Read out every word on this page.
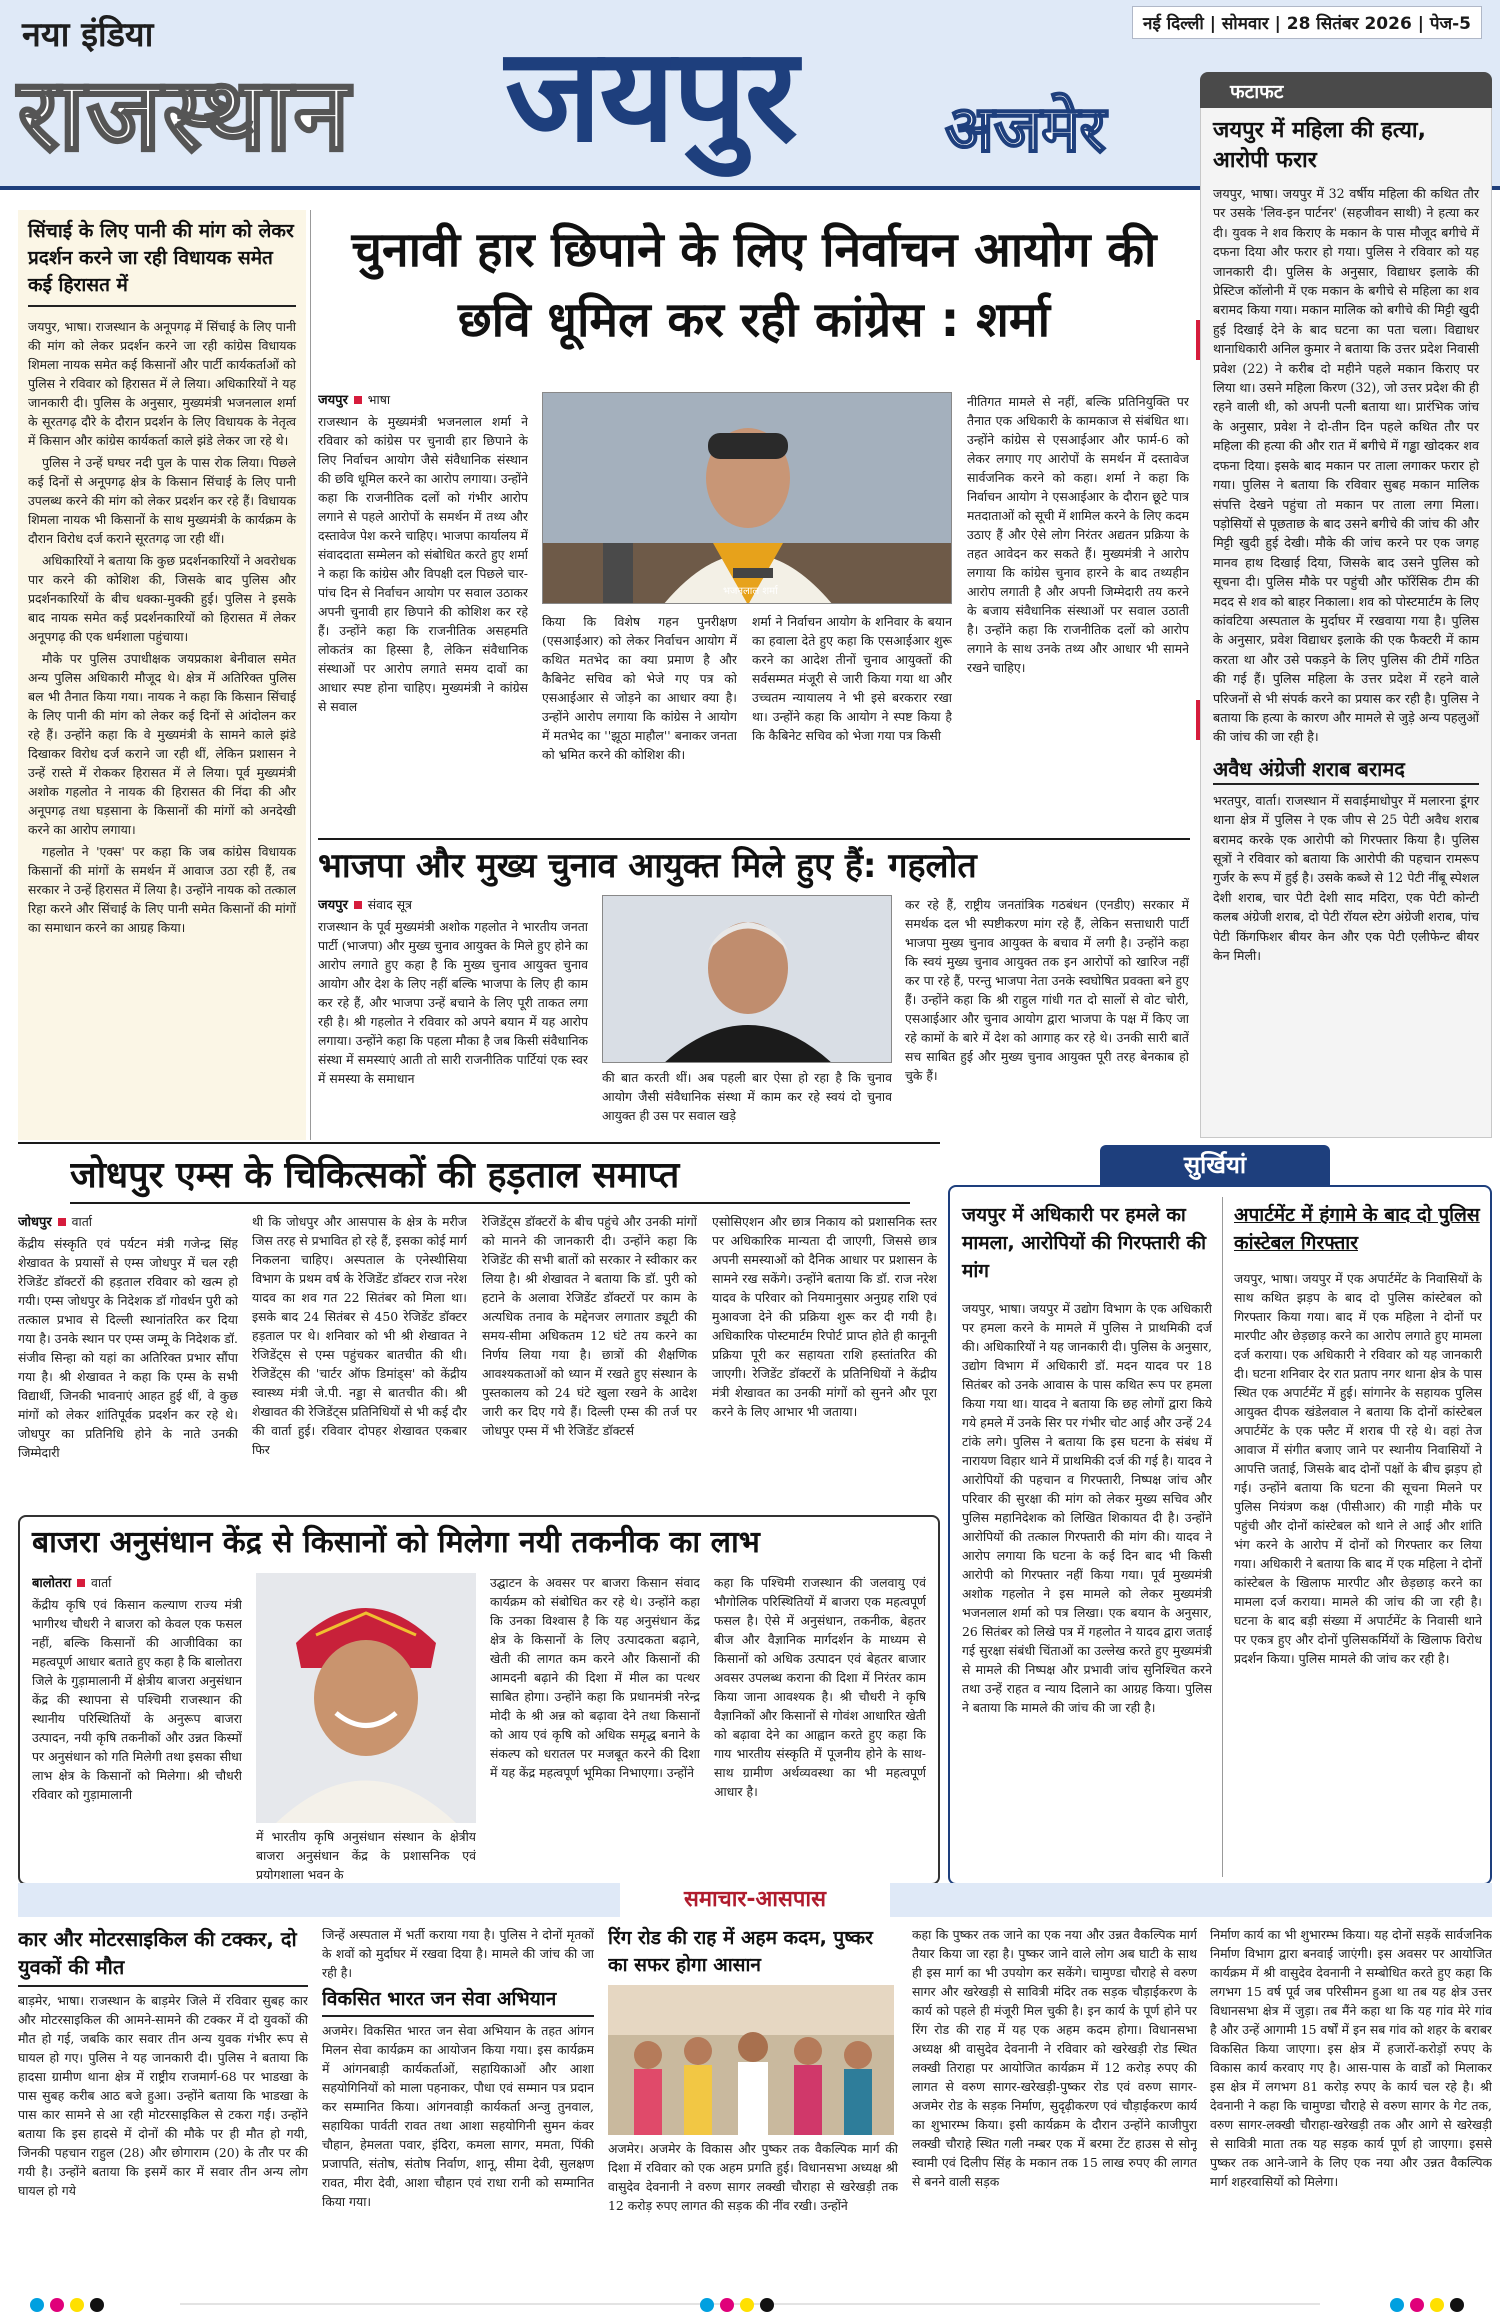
नया इंडिया
राजस्थान जयपुर अजमेर
नई दिल्ली | सोमवार | 28 सितंबर 2026 | पेज-5
फटाफट
जयपुर में महिला की हत्या, आरोपी फरार
जयपुर, भाषा। जयपुर में 32 वर्षीय महिला की कथित तौर पर उसके 'लिव-इन पार्टनर' (सहजीवन साथी) ने हत्या कर दी। युवक ने शव किराए के मकान के पास मौजूद बगीचे में दफना दिया और फरार हो गया। पुलिस ने रविवार को यह जानकारी दी। पुलिस के अनुसार, विद्याधर इलाके की प्रेस्टिज कॉलोनी में एक मकान के बगीचे से महिला का शव बरामद किया गया। मकान मालिक को बगीचे की मिट्टी खुदी हुई दिखाई देने के बाद घटना का पता चला। विद्याधर थानाधिकारी अनिल कुमार ने बताया कि उत्तर प्रदेश निवासी प्रवेश (22) ने करीब दो महीने पहले मकान किराए पर लिया था। उसने महिला किरण (32), जो उत्तर प्रदेश की ही रहने वाली थी, को अपनी पत्नी बताया था। प्रारंभिक जांच के अनुसार, प्रवेश ने दो-तीन दिन पहले कथित तौर पर महिला की हत्या की और रात में बगीचे में गड्ढा खोदकर शव दफना दिया। इसके बाद मकान पर ताला लगाकर फरार हो गया। पुलिस ने बताया कि रविवार सुबह मकान मालिक संपत्ति देखने पहुंचा तो मकान पर ताला लगा मिला। पड़ोसियों से पूछताछ के बाद उसने बगीचे की जांच की और मिट्टी खुदी हुई देखी। मौके की जांच करने पर एक जगह मानव हाथ दिखाई दिया, जिसके बाद उसने पुलिस को सूचना दी। पुलिस मौके पर पहुंची और फॉरेंसिक टीम की मदद से शव को बाहर निकाला। शव को पोस्टमार्टम के लिए कांवटिया अस्पताल के मुर्दाघर में रखवाया गया है। पुलिस के अनुसार, प्रवेश विद्याधर इलाके की एक फैक्टरी में काम करता था और उसे पकड़ने के लिए पुलिस की टीमें गठित की गई हैं। पुलिस महिला के उत्तर प्रदेश में रहने वाले परिजनों से भी संपर्क करने का प्रयास कर रही है। पुलिस ने बताया कि हत्या के कारण और मामले से जुड़े अन्य पहलुओं की जांच की जा रही है।
अवैध अंग्रेजी शराब बरामद
भरतपुर, वार्ता। राजस्थान में सवाईमाधोपुर में मलारना डूंगर थाना क्षेत्र में पुलिस ने एक जीप से 25 पेटी अवैध शराब बरामद करके एक आरोपी को गिरफ्तार किया है। पुलिस सूत्रों ने रविवार को बताया कि आरोपी की पहचान रामरूप गुर्जर के रूप में हुई है। उसके कब्जे से 12 पेटी नींबू स्पेशल देशी शराब, चार पेटी देशी साद मदिरा, एक पेटी कोन्टी कलब अंग्रेजी शराब, दो पेटी रॉयल स्टेग अंग्रेजी शराब, पांच पेटी किंगफिशर बीयर केन और एक पेटी एलीफेन्ट बीयर केन मिली।
सिंचाई के लिए पानी की मांग को लेकर प्रदर्शन करने जा रही विधायक समेत कई हिरासत में

जयपुर, भाषा। राजस्थान के अनूपगढ़ में सिंचाई के लिए पानी की मांग को लेकर प्रदर्शन करने जा रही कांग्रेस विधायक शिमला नायक समेत कई किसानों और पार्टी कार्यकर्ताओं को पुलिस ने रविवार को हिरासत में ले लिया। अधिकारियों ने यह जानकारी दी। पुलिस के अनुसार, मुख्यमंत्री भजनलाल शर्मा के सूरतगढ़ दौरे के दौरान प्रदर्शन के लिए विधायक के नेतृत्व में किसान और कांग्रेस कार्यकर्ता काले झंडे लेकर जा रहे थे।

पुलिस ने उन्हें घग्घर नदी पुल के पास रोक लिया। पिछले कई दिनों से अनूपगढ़ क्षेत्र के किसान सिंचाई के लिए पानी उपलब्ध करने की मांग को लेकर प्रदर्शन कर रहे हैं। विधायक शिमला नायक भी किसानों के साथ मुख्यमंत्री के कार्यक्रम के दौरान विरोध दर्ज कराने सूरतगढ़ जा रही थीं।

अधिकारियों ने बताया कि कुछ प्रदर्शनकारियों ने अवरोधक पार करने की कोशिश की, जिसके बाद पुलिस और प्रदर्शनकारियों के बीच धक्का-मुक्की हुई। पुलिस ने इसके बाद नायक समेत कई प्रदर्शनकारियों को हिरासत में लेकर अनूपगढ़ की एक धर्मशाला पहुंचाया।

मौके पर पुलिस उपाधीक्षक जयप्रकाश बेनीवाल समेत अन्य पुलिस अधिकारी मौजूद थे। क्षेत्र में अतिरिक्त पुलिस बल भी तैनात किया गया। नायक ने कहा कि किसान सिंचाई के लिए पानी की मांग को लेकर कई दिनों से आंदोलन कर रहे हैं। उन्होंने कहा कि वे मुख्यमंत्री के सामने काले झंडे दिखाकर विरोध दर्ज कराने जा रही थीं, लेकिन प्रशासन ने उन्हें रास्ते में रोककर हिरासत में ले लिया। पूर्व मुख्यमंत्री अशोक गहलोत ने नायक की हिरासत की निंदा की और अनूपगढ़ तथा घड़साना के किसानों की मांगों को अनदेखी करने का आरोप लगाया।

गहलोत ने 'एक्स' पर कहा कि जब कांग्रेस विधायक किसानों की मांगों के समर्थन में आवाज उठा रही हैं, तब सरकार ने उन्हें हिरासत में लिया है। उन्होंने नायक को तत्काल रिहा करने और सिंचाई के लिए पानी समेत किसानों की मांगों का समाधान करने का आग्रह किया।

चुनावी हार छिपाने के लिए निर्वाचन आयोग की छवि धूमिल कर रही कांग्रेस : शर्मा
जयपुर भाषा
राजस्थान के मुख्यमंत्री भजनलाल शर्मा ने रविवार को कांग्रेस पर चुनावी हार छिपाने के लिए निर्वाचन आयोग जैसे संवैधानिक संस्थान की छवि धूमिल करने का आरोप लगाया। उन्होंने कहा कि राजनीतिक दलों को गंभीर आरोप लगाने से पहले आरोपों के समर्थन में तथ्य और दस्तावेज पेश करने चाहिए। भाजपा कार्यालय में संवाददाता सम्मेलन को संबोधित करते हुए शर्मा ने कहा कि कांग्रेस और विपक्षी दल पिछले चार-पांच दिन से निर्वाचन आयोग पर सवाल उठाकर अपनी चुनावी हार छिपाने की कोशिश कर रहे हैं। उन्होंने कहा कि राजनीतिक असहमति लोकतंत्र का हिस्सा है, लेकिन संवैधानिक संस्थाओं पर आरोप लगाते समय दावों का आधार स्पष्ट होना चाहिए। मुख्यमंत्री ने कांग्रेस से सवाल
भजनलाल शर्मा
किया कि विशेष गहन पुनरीक्षण (एसआईआर) को लेकर निर्वाचन आयोग में कथित मतभेद का क्या प्रमाण है और कैबिनेट सचिव को भेजे गए पत्र को एसआईआर से जोड़ने का आधार क्या है। उन्होंने आरोप लगाया कि कांग्रेस ने आयोग में मतभेद का ''झूठा माहौल'' बनाकर जनता को भ्रमित करने की कोशिश की।
शर्मा ने निर्वाचन आयोग के शनिवार के बयान का हवाला देते हुए कहा कि एसआईआर शुरू करने का आदेश तीनों चुनाव आयुक्तों की सर्वसम्मत मंजूरी से जारी किया गया था और उच्चतम न्यायालय ने भी इसे बरकरार रखा था। उन्होंने कहा कि आयोग ने स्पष्ट किया है कि कैबिनेट सचिव को भेजा गया पत्र किसी
नीतिगत मामले से नहीं, बल्कि प्रतिनियुक्ति पर तैनात एक अधिकारी के कामकाज से संबंधित था। उन्होंने कांग्रेस से एसआईआर और फार्म-6 को लेकर लगाए गए आरोपों के समर्थन में दस्तावेज सार्वजनिक करने को कहा। शर्मा ने कहा कि निर्वाचन आयोग ने एसआईआर के दौरान छूटे पात्र मतदाताओं को सूची में शामिल करने के लिए कदम उठाए हैं और ऐसे लोग निरंतर अद्यतन प्रक्रिया के तहत आवेदन कर सकते हैं। मुख्यमंत्री ने आरोप लगाया कि कांग्रेस चुनाव हारने के बाद तथ्यहीन आरोप लगाती है और अपनी जिम्मेदारी तय करने के बजाय संवैधानिक संस्थाओं पर सवाल उठाती है। उन्होंने कहा कि राजनीतिक दलों को आरोप लगाने के साथ उनके तथ्य और आधार भी सामने रखने चाहिए।
भाजपा और मुख्य चुनाव आयुक्त मिले हुए हैं: गहलोत
जयपुर संवाद सूत्र
राजस्थान के पूर्व मुख्यमंत्री अशोक गहलोत ने भारतीय जनता पार्टी (भाजपा) और मुख्य चुनाव आयुक्त के मिले हुए होने का आरोप लगाते हुए कहा है कि मुख्य चुनाव आयुक्त चुनाव आयोग और देश के लिए नहीं बल्कि भाजपा के लिए ही काम कर रहे हैं, और भाजपा उन्हें बचाने के लिए पूरी ताकत लगा रही है। श्री गहलोत ने रविवार को अपने बयान में यह आरोप लगाया। उन्होंने कहा कि पहला मौका है जब किसी संवैधानिक संस्था में समस्याएं आती तो सारी राजनीतिक पार्टियां एक स्वर में समस्या के समाधान	की बात करती थीं। अब पहली बार ऐसा हो रहा है कि चुनाव आयोग जैसी संवैधानिक संस्था में काम कर रहे स्वयं दो चुनाव आयुक्त ही उस पर सवाल खड़े
कर रहे हैं, राष्ट्रीय जनतांत्रिक गठबंधन (एनडीए) सरकार में समर्थक दल भी स्पष्टीकरण मांग रहे हैं, लेकिन सत्ताधारी पार्टी भाजपा मुख्य चुनाव आयुक्त के बचाव में लगी है। उन्होंने कहा कि स्वयं मुख्य चुनाव आयुक्त तक इन आरोपों को खारिज नहीं कर पा रहे हैं, परन्तु भाजपा नेता उनके स्वघोषित प्रवक्ता बने हुए हैं। उन्होंने कहा कि श्री राहुल गांधी गत दो सालों से वोट चोरी, एसआईआर और चुनाव आयोग द्वारा भाजपा के पक्ष में किए जा रहे कामों के बारे में देश को आगाह कर रहे थे। उनकी सारी बातें सच साबित हुई और मुख्य चुनाव आयुक्त पूरी तरह बेनकाब हो चुके हैं।
जोधपुर एम्स के चिकित्सकों की हड़ताल समाप्त
जोधपुर वार्ता
केंद्रीय संस्कृति एवं पर्यटन मंत्री गजेन्द्र सिंह शेखावत के प्रयासों से एम्स जोधपुर में चल रही रेजिडेंट डॉक्टरों की हड़ताल रविवार को खत्म हो गयी। एम्स जोधपुर के निदेशक डॉ गोवर्धन पुरी को तत्काल प्रभाव से दिल्ली स्थानांतरित कर दिया गया है। उनके स्थान पर एम्स जम्मू के निदेशक डॉ. संजीव सिन्हा को यहां का अतिरिक्त प्रभार सौंपा गया है। श्री शेखावत ने कहा कि एम्स के सभी विद्यार्थी, जिनकी भावनाएं आहत हुई थीं, वे कुछ मांगों को लेकर शांतिपूर्वक प्रदर्शन कर रहे थे। जोधपुर का प्रतिनिधि होने के नाते उनकी जिम्मेदारी
थी कि जोधपुर और आसपास के क्षेत्र के मरीज जिस तरह से प्रभावित हो रहे हैं, इसका कोई मार्ग निकलना चाहिए। अस्पताल के एनेस्थीसिया विभाग के प्रथम वर्ष के रेजिडेंट डॉक्टर राज नरेश यादव का शव गत 22 सितंबर को मिला था। इसके बाद 24 सितंबर से 450 रेजिडेंट डॉक्टर हड़ताल पर थे। शनिवार को भी श्री शेखावत ने रेजिडेंट्स से एम्स पहुंचकर बातचीत की थी। रेजिडेंट्स की 'चार्टर ऑफ डिमांड्स' को केंद्रीय स्वास्थ्य मंत्री जे.पी. नड्डा से बातचीत की। श्री शेखावत की रेजिडेंट्स प्रतिनिधियों से भी कई दौर की वार्ता हुई। रविवार दोपहर शेखावत एकबार फिर
रेजिडेंट्स डॉक्टरों के बीच पहुंचे और उनकी मांगों को मानने की जानकारी दी। उन्होंने कहा कि रेजिडेंट की सभी बातों को सरकार ने स्वीकार कर लिया है। श्री शेखावत ने बताया कि डॉ. पुरी को हटाने के अलावा रेजिडेंट डॉक्टरों पर काम के अत्यधिक तनाव के मद्देनजर लगातार ड्यूटी की समय-सीमा अधिकतम 12 घंटे तय करने का निर्णय लिया गया है। छात्रों की शैक्षणिक आवश्यकताओं को ध्यान में रखते हुए संस्थान के पुस्तकालय को 24 घंटे खुला रखने के आदेश जारी कर दिए गये हैं। दिल्ली एम्स की तर्ज पर जोधपुर एम्स में भी रेजिडेंट डॉक्टर्स
एसोसिएशन और छात्र निकाय को प्रशासनिक स्तर पर अधिकारिक मान्यता दी जाएगी, जिससे छात्र अपनी समस्याओं को दैनिक आधार पर प्रशासन के सामने रख सकेंगे। उन्होंने बताया कि डॉ. राज नरेश यादव के परिवार को नियमानुसार अनुग्रह राशि एवं मुआवजा देने की प्रक्रिया शुरू कर दी गयी है। अधिकारिक पोस्टमार्टम रिपोर्ट प्राप्त होते ही कानूनी प्रक्रिया पूरी कर सहायता राशि हस्तांतरित की जाएगी। रेजिडेंट डॉक्टरों के प्रतिनिधियों ने केंद्रीय मंत्री शेखावत का उनकी मांगों को सुनने और पूरा करने के लिए आभार भी जताया।
बाजरा अनुसंधान केंद्र से किसानों को मिलेगा नयी तकनीक का लाभ
बालोतरा वार्ता
केंद्रीय कृषि एवं किसान कल्याण राज्य मंत्री भागीरथ चौधरी ने बाजरा को केवल एक फसल नहीं, बल्कि किसानों की आजीविका का महत्वपूर्ण आधार बताते हुए कहा है कि बालोतरा जिले के गुड़ामालानी में क्षेत्रीय बाजरा अनुसंधान केंद्र की स्थापना से पश्चिमी राजस्थान की स्थानीय परिस्थितियों के अनुरूप बाजरा उत्पादन, नयी कृषि तकनीकों और उन्नत किस्मों पर अनुसंधान को गति मिलेगी तथा इसका सीधा लाभ क्षेत्र के किसानों को मिलेगा। श्री चौधरी रविवार को गुड़ामालानी
में भारतीय कृषि अनुसंधान संस्थान के क्षेत्रीय बाजरा अनुसंधान केंद्र के प्रशासनिक एवं प्रयोगशाला भवन के
उद्घाटन के अवसर पर बाजरा किसान संवाद कार्यक्रम को संबोधित कर रहे थे। उन्होंने कहा कि उनका विश्वास है कि यह अनुसंधान केंद्र क्षेत्र के किसानों के लिए उत्पादकता बढ़ाने, खेती की लागत कम करने और किसानों की आमदनी बढ़ाने की दिशा में मील का पत्थर साबित होगा। उन्होंने कहा कि प्रधानमंत्री नरेन्द्र मोदी के श्री अन्न को बढ़ावा देने तथा किसानों को आय एवं कृषि को अधिक समृद्ध बनाने के संकल्प को धरातल पर मजबूत करने की दिशा में यह केंद्र महत्वपूर्ण भूमिका निभाएगा। उन्होंने
कहा कि पश्चिमी राजस्थान की जलवायु एवं भौगोलिक परिस्थितियों में बाजरा एक महत्वपूर्ण फसल है। ऐसे में अनुसंधान, तकनीक, बेहतर बीज और वैज्ञानिक मार्गदर्शन के माध्यम से किसानों को अधिक उत्पादन एवं बेहतर बाजार अवसर उपलब्ध कराना की दिशा में निरंतर काम किया जाना आवश्यक है। श्री चौधरी ने कृषि वैज्ञानिकों और किसानों से गोवंश आधारित खेती को बढ़ावा देने का आह्वान करते हुए कहा कि गाय भारतीय संस्कृति में पूजनीय होने के साथ-साथ ग्रामीण अर्थव्यवस्था का भी महत्वपूर्ण आधार है।
सुर्खियां
जयपुर में अधिकारी पर हमले का मामला, आरोपियों की गिरफ्तारी की मांग
जयपुर, भाषा। जयपुर में उद्योग विभाग के एक अधिकारी पर हमला करने के मामले में पुलिस ने प्राथमिकी दर्ज की। अधिकारियों ने यह जानकारी दी। पुलिस के अनुसार, उद्योग विभाग में अधिकारी डॉ. मदन यादव पर 18 सितंबर को उनके आवास के पास कथित रूप पर हमला किया गया था। यादव ने बताया कि छह लोगों द्वारा किये गये हमले में उनके सिर पर गंभीर चोट आई और उन्हें 24 टांके लगे। पुलिस ने बताया कि इस घटना के संबंध में नारायण विहार थाने में प्राथमिकी दर्ज की गई है। यादव ने आरोपियों की पहचान व गिरफ्तारी, निष्पक्ष जांच और परिवार की सुरक्षा की मांग को लेकर मुख्य सचिव और पुलिस महानिदेशक को लिखित शिकायत दी है। उन्होंने आरोपियों की तत्काल गिरफ्तारी की मांग की। यादव ने आरोप लगाया कि घटना के कई दिन बाद भी किसी आरोपी को गिरफ्तार नहीं किया गया। पूर्व मुख्यमंत्री अशोक गहलोत ने इस मामले को लेकर मुख्यमंत्री भजनलाल शर्मा को पत्र लिखा। एक बयान के अनुसार, 26 सितंबर को लिखे पत्र में गहलोत ने यादव द्वारा जताई गई सुरक्षा संबंधी चिंताओं का उल्लेख करते हुए मुख्यमंत्री से मामले की निष्पक्ष और प्रभावी जांच सुनिश्चित करने तथा उन्हें राहत व न्याय दिलाने का आग्रह किया। पुलिस ने बताया कि मामले की जांच की जा रही है।
अपार्टमेंट में हंगामे के बाद दो पुलिस कांस्टेबल गिरफ्तार
जयपुर, भाषा। जयपुर में एक अपार्टमेंट के निवासियों के साथ कथित झड़प के बाद दो पुलिस कांस्टेबल को गिरफ्तार किया गया। बाद में एक महिला ने दोनों पर मारपीट और छेड़छाड़ करने का आरोप लगाते हुए मामला दर्ज कराया। एक अधिकारी ने रविवार को यह जानकारी दी। घटना शनिवार देर रात प्रताप नगर थाना क्षेत्र के पास स्थित एक अपार्टमेंट में हुई। सांगानेर के सहायक पुलिस आयुक्त दीपक खंडेलवाल ने बताया कि दोनों कांस्टेबल अपार्टमेंट के एक फ्लैट में शराब पी रहे थे। वहां तेज आवाज में संगीत बजाए जाने पर स्थानीय निवासियों ने आपत्ति जताई, जिसके बाद दोनों पक्षों के बीच झड़प हो गई। उन्होंने बताया कि घटना की सूचना मिलने पर पुलिस नियंत्रण कक्ष (पीसीआर) की गाड़ी मौके पर पहुंची और दोनों कांस्टेबल को थाने ले आई और शांति भंग करने के आरोप में दोनों को गिरफ्तार कर लिया गया। अधिकारी ने बताया कि बाद में एक महिला ने दोनों कांस्टेबल के खिलाफ मारपीट और छेड़छाड़ करने का मामला दर्ज कराया। मामले की जांच की जा रही है। घटना के बाद बड़ी संख्या में अपार्टमेंट के निवासी थाने पर एकत्र हुए और दोनों पुलिसकर्मियों के खिलाफ विरोध प्रदर्शन किया। पुलिस मामले की जांच कर रही है।
समाचार-आसपास
कार और मोटरसाइकिल की टक्कर, दो युवकों की मौत
बाड़मेर, भाषा। राजस्थान के बाड़मेर जिले में रविवार सुबह कार और मोटरसाइकिल की आमने-सामने की टक्कर में दो युवकों की मौत हो गई, जबकि कार सवार तीन अन्य युवक गंभीर रूप से घायल हो गए। पुलिस ने यह जानकारी दी। पुलिस ने बताया कि हादसा ग्रामीण थाना क्षेत्र में राष्ट्रीय राजमार्ग-68 पर भाडखा के पास सुबह करीब आठ बजे हुआ। उन्होंने बताया कि भाडखा के पास कार सामने से आ रही मोटरसाइकिल से टकरा गई। उन्होंने बताया कि इस हादसे में दोनों की मौके पर ही मौत हो गयी, जिनकी पहचान राहुल (28) और छोगाराम (20) के तौर पर की गयी है। उन्होंने बताया कि इसमें कार में सवार तीन अन्य लोग घायल हो गये
जिन्हें अस्पताल में भर्ती कराया गया है। पुलिस ने दोनों मृतकों के शवों को मुर्दाघर में रखवा दिया है। मामले की जांच की जा रही है।
विकसित भारत जन सेवा अभियान
अजमेर। विकसित भारत जन सेवा अभियान के तहत आंगन मिलन सेवा कार्यक्रम का आयोजन किया गया। इस कार्यक्रम में आंगनबाड़ी कार्यकर्ताओं, सहायिकाओं और आशा सहयोगिनियों को माला पहनाकर, पौधा एवं सम्मान पत्र प्रदान कर सम्मानित किया। आंगनवाड़ी कार्यकर्ता अन्जु तुनवाल, सहायिका पार्वती रावत तथा आशा सहयोगिनी सुमन कंवर चौहान, हेमलता पवार, इंदिरा, कमला सागर, ममता, पिंकी प्रजापति, संतोष, संतोष निर्वाण, शानू, सीमा देवी, सुलक्षण रावत, मीरा देवी, आशा चौहान एवं राधा रानी को सम्मानित किया गया।
रिंग रोड की राह में अहम कदम, पुष्कर का सफर होगा आसान
अजमेर। अजमेर के विकास और पुष्कर तक वैकल्पिक मार्ग की दिशा में रविवार को एक अहम प्रगति हुई। विधानसभा अध्यक्ष श्री वासुदेव देवनानी ने वरुण सागर लक्खी चौराहा से खरेखड़ी तक 12 करोड़ रुपए लागत की सड़क की नींव रखी। उन्होंने
कहा कि पुष्कर तक जाने का एक नया और उन्नत वैकल्पिक मार्ग तैयार किया जा रहा है। पुष्कर जाने वाले लोग अब घाटी के साथ ही इस मार्ग का भी उपयोग कर सकेंगे। चामुण्डा चौराहे से वरुण सागर और खरेखड़ी से सावित्री मंदिर तक सड़क चौड़ाईकरण के कार्य को पहले ही मंजूरी मिल चुकी है। इन कार्य के पूर्ण होने पर रिंग रोड की राह में यह एक अहम कदम होगा। विधानसभा अध्यक्ष श्री वासुदेव देवनानी ने रविवार को खरेखड़ी रोड स्थित लक्खी तिराहा पर आयोजित कार्यक्रम में 12 करोड़ रुपए की लागत से वरुण सागर-खरेखड़ी-पुष्कर रोड एवं वरुण सागर-अजमेर रोड के सड़क निर्माण, सुदृढ़ीकरण एवं चौड़ाईकरण कार्य का शुभारम्भ किया। इसी कार्यक्रम के दौरान उन्होंने काजीपुरा लक्खी चौराहे स्थित गली नम्बर एक में बरमा टेंट हाउस से सोनू स्वामी एवं दिलीप सिंह के मकान तक 15 लाख रुपए की लागत से बनने वाली सड़क
निर्माण कार्य का भी शुभारम्भ किया। यह दोनों सड़कें सार्वजनिक निर्माण विभाग द्वारा बनवाई जाएंगी। इस अवसर पर आयोजित कार्यक्रम में श्री वासुदेव देवनानी ने सम्बोधित करते हुए कहा कि लगभग 15 वर्ष पूर्व जब परिसीमन हुआ था तब यह क्षेत्र उत्तर विधानसभा क्षेत्र में जुड़ा। तब मैंने कहा था कि यह गांव मेरे गांव है और उन्हें आगामी 15 वर्षों में इन सब गांव को शहर के बराबर विकसित किया जाएगा। इस क्षेत्र में हजारों-करोड़ों रुपए के विकास कार्य करवाए गए है। आस-पास के वार्डों को मिलाकर इस क्षेत्र में लगभग 81 करोड़ रुपए के कार्य चल रहे है। श्री देवनानी ने कहा कि चामुण्डा चौराहे से वरुण सागर के गेट तक, वरुण सागर-लक्खी चौराहा-खरेखड़ी तक और आगे से खरेखड़ी से सावित्री माता तक यह सड़क कार्य पूर्ण हो जाएगा। इससे पुष्कर तक आने-जाने के लिए एक नया और उन्नत वैकल्पिक मार्ग शहरवासियों को मिलेगा।
